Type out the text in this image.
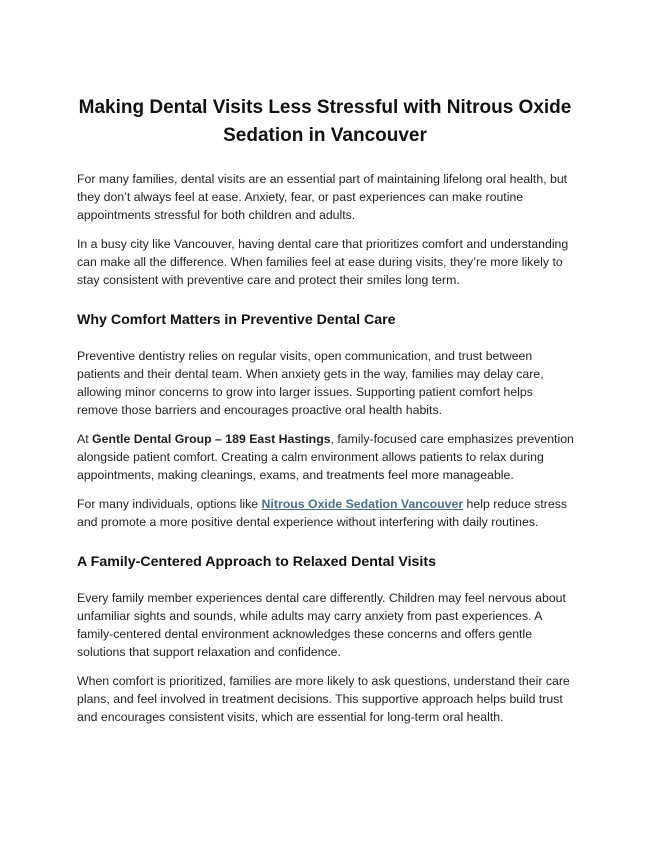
Making Dental Visits Less Stressful with Nitrous Oxide Sedation in Vancouver

For many families, dental visits are an essential part of maintaining lifelong oral health, but they don’t always feel at ease. Anxiety, fear, or past experiences can make routine appointments stressful for both children and adults.

In a busy city like Vancouver, having dental care that prioritizes comfort and understanding can make all the difference. When families feel at ease during visits, they’re more likely to stay consistent with preventive care and protect their smiles long term.

Why Comfort Matters in Preventive Dental Care

Preventive dentistry relies on regular visits, open communication, and trust between patients and their dental team. When anxiety gets in the way, families may delay care, allowing minor concerns to grow into larger issues. Supporting patient comfort helps remove those barriers and encourages proactive oral health habits.

At Gentle Dental Group – 189 East Hastings, family-focused care emphasizes prevention alongside patient comfort. Creating a calm environment allows patients to relax during appointments, making cleanings, exams, and treatments feel more manageable.

For many individuals, options like Nitrous Oxide Sedation Vancouver help reduce stress and promote a more positive dental experience without interfering with daily routines.

A Family-Centered Approach to Relaxed Dental Visits

Every family member experiences dental care differently. Children may feel nervous about unfamiliar sights and sounds, while adults may carry anxiety from past experiences. A family-centered dental environment acknowledges these concerns and offers gentle solutions that support relaxation and confidence.

When comfort is prioritized, families are more likely to ask questions, understand their care plans, and feel involved in treatment decisions. This supportive approach helps build trust and encourages consistent visits, which are essential for long-term oral health.
